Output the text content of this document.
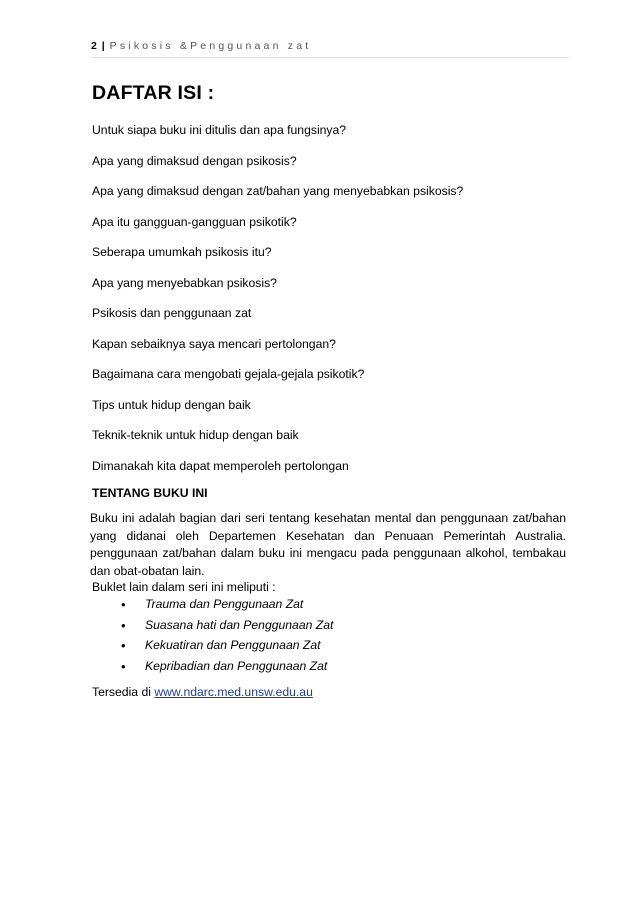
2 | Psikosis &Penggunaan zat
DAFTAR ISI :
Untuk siapa buku ini ditulis dan apa fungsinya?
Apa yang dimaksud dengan psikosis?
Apa yang dimaksud dengan zat/bahan yang menyebabkan psikosis?
Apa itu gangguan-gangguan psikotik?
Seberapa umumkah psikosis itu?
Apa yang menyebabkan psikosis?
Psikosis dan penggunaan zat
Kapan sebaiknya saya mencari pertolongan?
Bagaimana cara mengobati gejala-gejala psikotik?
Tips untuk hidup dengan baik
Teknik-teknik untuk hidup dengan baik
Dimanakah kita dapat memperoleh pertolongan
TENTANG BUKU INI

Buku ini adalah bagian dari seri tentang kesehatan mental dan penggunaan zat/bahan yang didanai oleh Departemen Kesehatan dan Penuaan Pemerintah Australia. penggunaan zat/bahan dalam buku ini mengacu pada penggunaan alkohol, tembakau dan obat-obatan lain.

Buklet lain dalam seri ini meliputi :

•	Trauma dan Penggunaan Zat
•	Suasana hati dan Penggunaan Zat
•	Kekuatiran dan Penggunaan Zat
•	Kepribadian dan Penggunaan Zat

Tersedia di www.ndarc.med.unsw.edu.au
